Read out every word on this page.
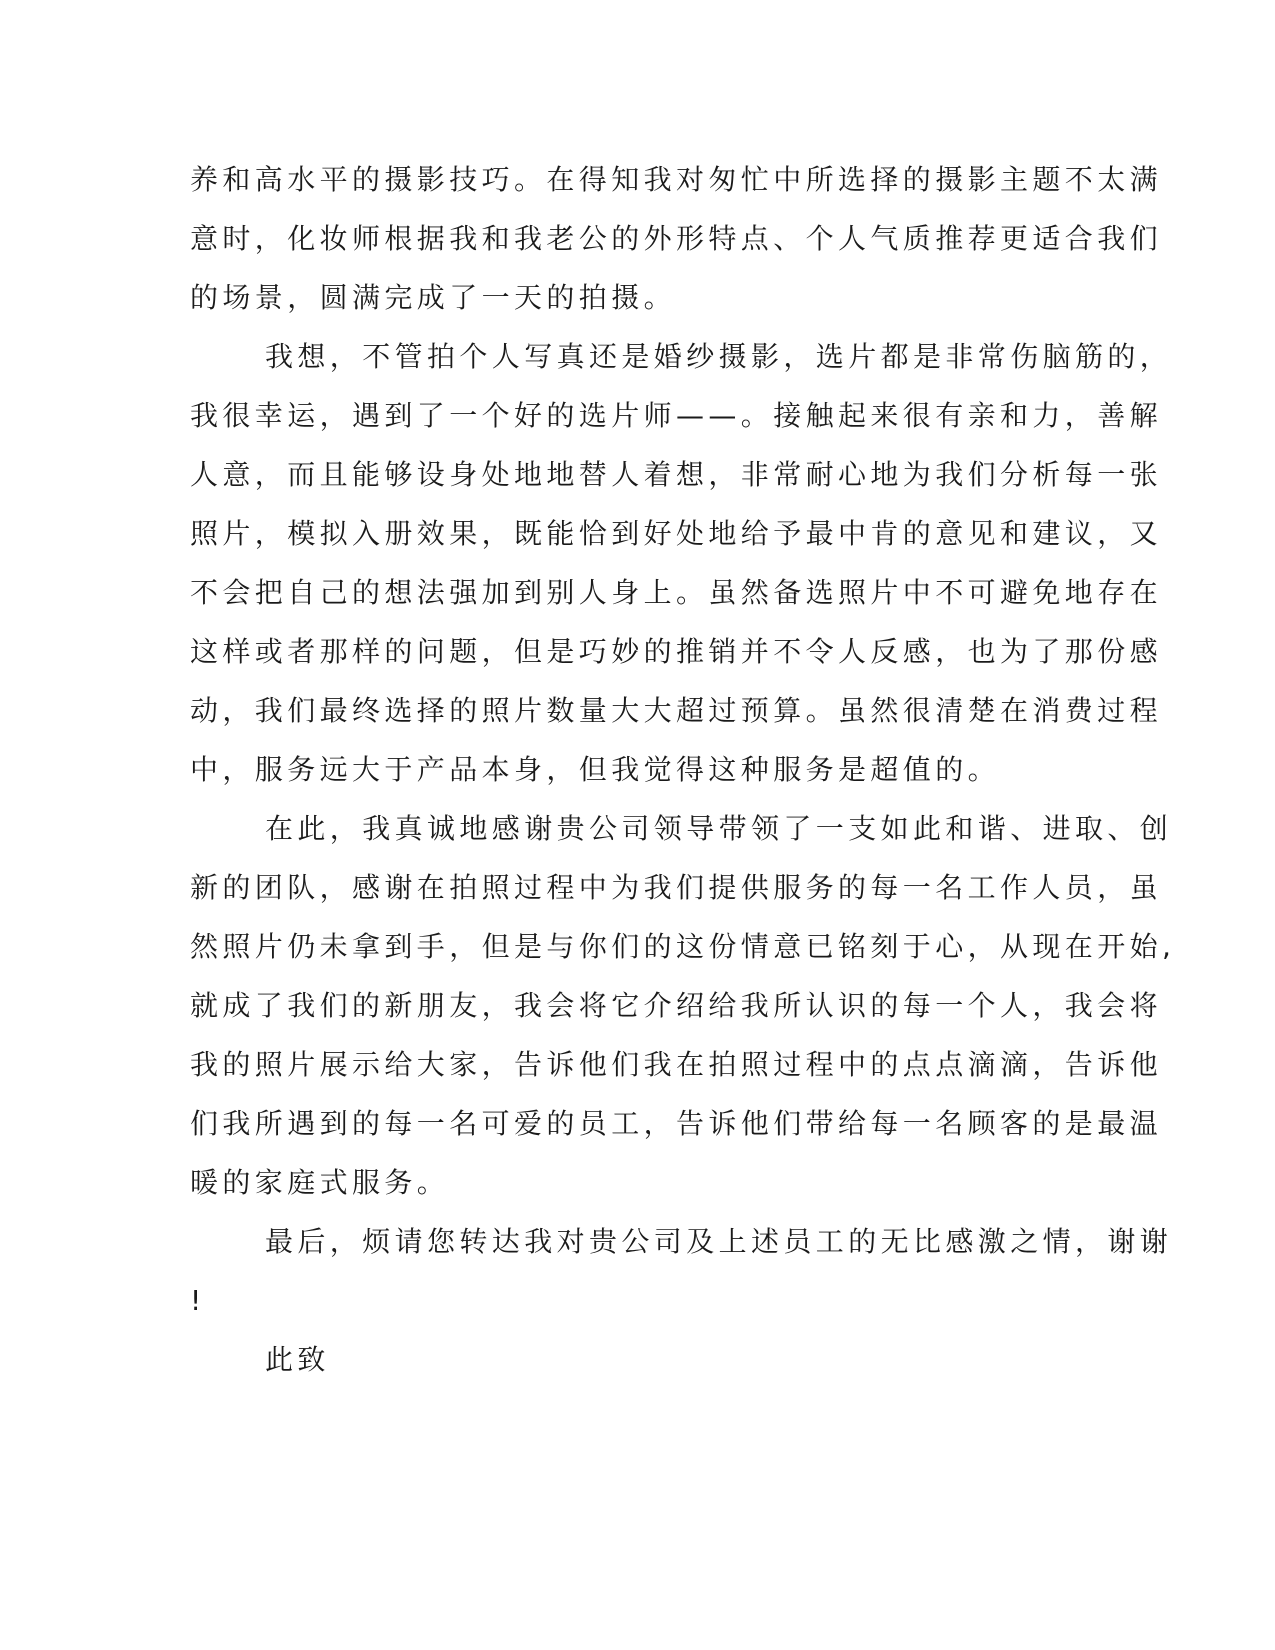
养和高水平的摄影技巧。在得知我对匆忙中所选择的摄影主题不太满
意时，化妆师根据我和我老公的外形特点、个人气质推荐更适合我们
的场景，圆满完成了一天的拍摄。
我想，不管拍个人写真还是婚纱摄影，选片都是非常伤脑筋的，
我很幸运，遇到了一个好的选片师——。接触起来很有亲和力，善解
人意，而且能够设身处地地替人着想，非常耐心地为我们分析每一张
照片，模拟入册效果，既能恰到好处地给予最中肯的意见和建议，又
不会把自己的想法强加到别人身上。虽然备选照片中不可避免地存在
这样或者那样的问题，但是巧妙的推销并不令人反感，也为了那份感
动，我们最终选择的照片数量大大超过预算。虽然很清楚在消费过程
中，服务远大于产品本身，但我觉得这种服务是超值的。
在此，我真诚地感谢贵公司领导带领了一支如此和谐、进取、创
新的团队，感谢在拍照过程中为我们提供服务的每一名工作人员，虽
然照片仍未拿到手，但是与你们的这份情意已铭刻于心，从现在开始,
就成了我们的新朋友，我会将它介绍给我所认识的每一个人，我会将
我的照片展示给大家，告诉他们我在拍照过程中的点点滴滴，告诉他
们我所遇到的每一名可爱的员工，告诉他们带给每一名顾客的是最温
暖的家庭式服务。
最后，烦请您转达我对贵公司及上述员工的无比感激之情，谢谢
!
此致
